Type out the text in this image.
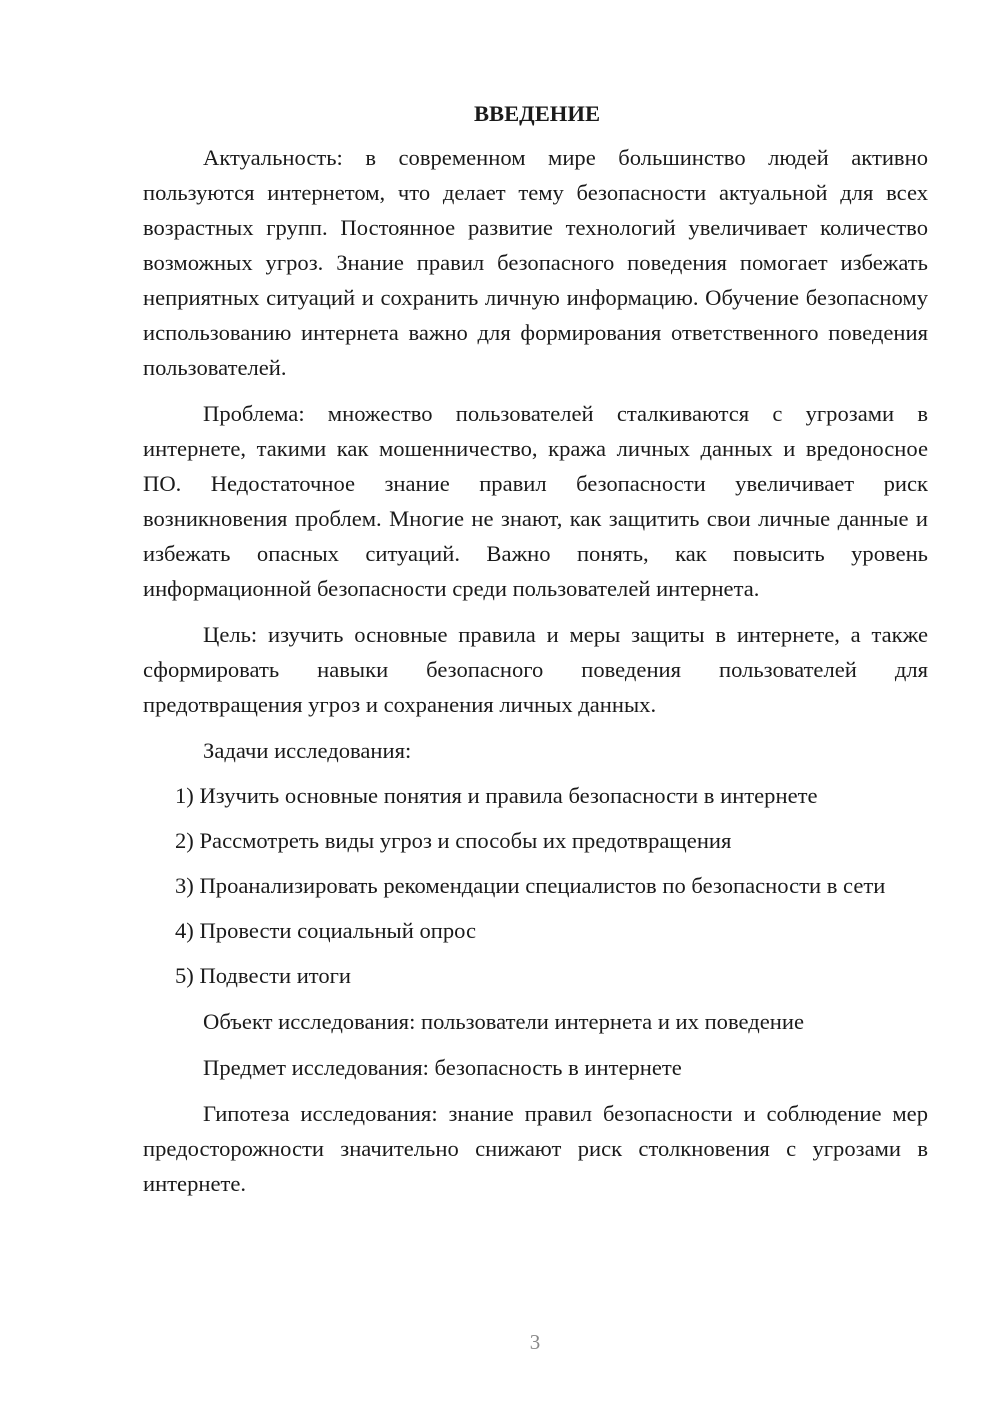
ВВЕДЕНИЕ

Актуальность: в современном мире большинство людей активно пользуются интернетом, что делает тему безопасности актуальной для всех возрастных групп. Постоянное развитие технологий увеличивает количество возможных угроз. Знание правил безопасного поведения помогает избежать неприятных ситуаций и сохранить личную информацию. Обучение безопасному использованию интернета важно для формирования ответственного поведения пользователей.

Проблема: множество пользователей сталкиваются с угрозами в интернете, такими как мошенничество, кража личных данных и вредоносное ПО. Недостаточное знание правил безопасности увеличивает риск возникновения проблем. Многие не знают, как защитить свои личные данные и избежать опасных ситуаций. Важно понять, как повысить уровень информационной безопасности среди пользователей интернета.

Цель: изучить основные правила и меры защиты в интернете, а также сформировать навыки безопасного поведения пользователей для предотвращения угроз и сохранения личных данных.

Задачи исследования:

1) Изучить основные понятия и правила безопасности в интернете

2) Рассмотреть виды угроз и способы их предотвращения

3) Проанализировать рекомендации специалистов по безопасности в сети

4) Провести социальный опрос

5) Подвести итоги

Объект исследования: пользователи интернета и их поведение

Предмет исследования: безопасность в интернете

Гипотеза исследования: знание правил безопасности и соблюдение мер предосторожности значительно снижают риск столкновения с угрозами в интернете.

3
